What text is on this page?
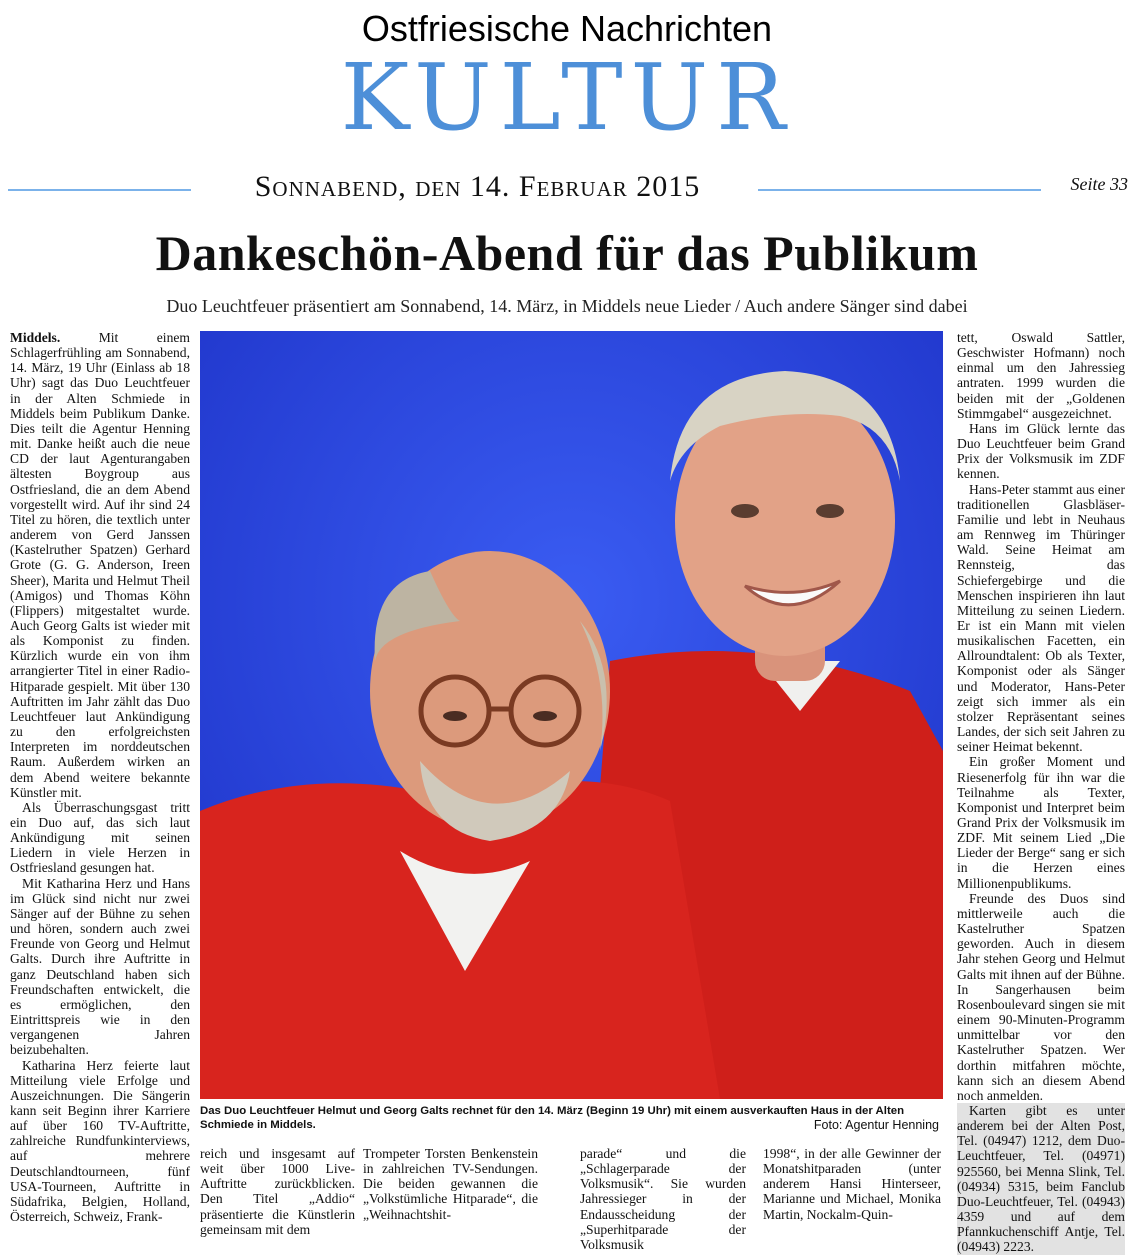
Ostfriesische Nachrichten
KULTUR
Sonnabend, den 14. Februar 2015	Seite 33
Dankeschön-Abend für das Publikum
Duo Leuchtfeuer präsentiert am Sonnabend, 14. März, in Middels neue Lieder / Auch andere Sänger sind dabei

Middels.	Mit einem Schlagerfrühling am Sonnabend, 14. März, 19 Uhr (Einlass ab 18 Uhr) sagt das Duo Leuchtfeuer in der Alten Schmiede in Middels beim Publikum Danke. Dies teilt die Agentur Henning mit. Danke heißt auch die neue CD der laut Agenturangaben ältesten Boygroup aus Ostfriesland, die an dem Abend vorgestellt wird. Auf ihr sind 24 Titel zu hören, die textlich unter anderem von Gerd Janssen (Kastelruther Spatzen) Gerhard Grote (G. G. Anderson, Ireen Sheer), Marita und Helmut Theil (Amigos) und Thomas Köhn (Flippers) mitgestaltet wurde. Auch Georg Galts ist wieder mit als Komponist zu finden. Kürzlich wurde ein von ihm arrangierter Titel in einer Radio-Hitparade gespielt. Mit über 130 Auftritten im Jahr zählt das Duo Leuchtfeuer laut Ankündigung zu den erfolgreichsten Interpreten im norddeutschen Raum. Außerdem wirken an dem Abend weitere bekannte Künstler mit.

Als Überraschungsgast tritt ein Duo auf, das sich laut Ankündigung mit seinen Liedern in viele Herzen in Ostfriesland gesungen hat.

Mit Katharina Herz und Hans im Glück sind nicht nur zwei Sänger auf der Bühne zu sehen und hören, sondern auch zwei Freunde von Georg und Helmut Galts. Durch ihre Auftritte in ganz Deutschland haben sich Freundschaften entwickelt, die es ermöglichen, den Eintrittspreis wie in den vergangenen Jahren beizubehalten.

Katharina Herz feierte laut Mitteilung viele Erfolge und Auszeichnungen. Die Sängerin kann seit Beginn ihrer Karriere auf über 160 TV-Auftritte, zahlreiche Rundfunkinterviews, auf mehrere Deutschlandtourneen, fünf USA-Tourneen, Auftritte in Südafrika, Belgien, Holland, Österreich, Schweiz, Frank-

Das Duo Leuchtfeuer Helmut und Georg Galts rechnet für den 14. März (Beginn 19 Uhr) mit einem ausverkauften Haus in der Alten Schmiede in Middels.	Foto: Agentur Henning

tett, Oswald Sattler, Geschwister Hofmann) noch einmal um den Jahressieg antraten. 1999 wurden die beiden mit der „Goldenen Stimmgabel“ ausgezeichnet.

Hans im Glück lernte das Duo Leuchtfeuer beim Grand Prix der Volksmusik im ZDF kennen.

Hans-Peter stammt aus einer traditionellen Glasbläser-Familie und lebt in Neuhaus am Rennweg im Thüringer Wald. Seine Heimat am Rennsteig, das Schiefergebirge und die Menschen inspirieren ihn laut Mitteilung zu seinen Liedern. Er ist ein Mann mit vielen musikalischen Facetten, ein Allroundtalent: Ob als Texter, Komponist oder als Sänger und Moderator, Hans-Peter zeigt sich immer als ein stolzer Repräsentant seines Landes, der sich seit Jahren zu seiner Heimat bekennt.

Ein großer Moment und Riesenerfolg für ihn war die Teilnahme als Texter, Komponist und Interpret beim Grand Prix der Volksmusik im ZDF. Mit seinem Lied „Die Lieder der Berge“ sang er sich in die Herzen eines Millionenpublikums.

Freunde des Duos sind mittlerweile auch die Kastelruther Spatzen geworden. Auch in diesem Jahr stehen Georg und Helmut Galts mit ihnen auf der Bühne. In Sangerhausen beim Rosenboulevard singen sie mit einem 90-Minuten-Programm unmittelbar vor den Kastelruther Spatzen. Wer dorthin mitfahren möchte, kann sich an diesem Abend noch anmelden.

Karten gibt es unter anderem bei der Alten Post, Tel. (04947) 1212, dem Duo-Leuchtfeuer, Tel. (04971) 925560, bei Menna Slink, Tel. (04934) 5315, beim Fanclub Duo-Leuchtfeuer, Tel. (04943) 4359 und auf dem Pfannkuchenschiff Antje, Tel. (04943) 2223.

reich und insgesamt auf weit über 1000 Live-Auftritte zurückblicken. Den Titel „Addio“ präsentierte die Künstlerin gemeinsam mit dem

Trompeter Torsten Benkenstein in zahlreichen TV-Sendungen. Die beiden gewannen die „Volkstümliche Hitparade“, die „Weihnachtshit-

parade“ und die „Schlagerparade der Volksmusik“. Sie wurden Jahressieger in der Endausscheidung der „Superhitparade der Volksmusik

1998“, in der alle Gewinner der Monatshitparaden (unter anderem Hansi Hinterseer, Marianne und Michael, Monika Martin, Nockalm-Quin-
